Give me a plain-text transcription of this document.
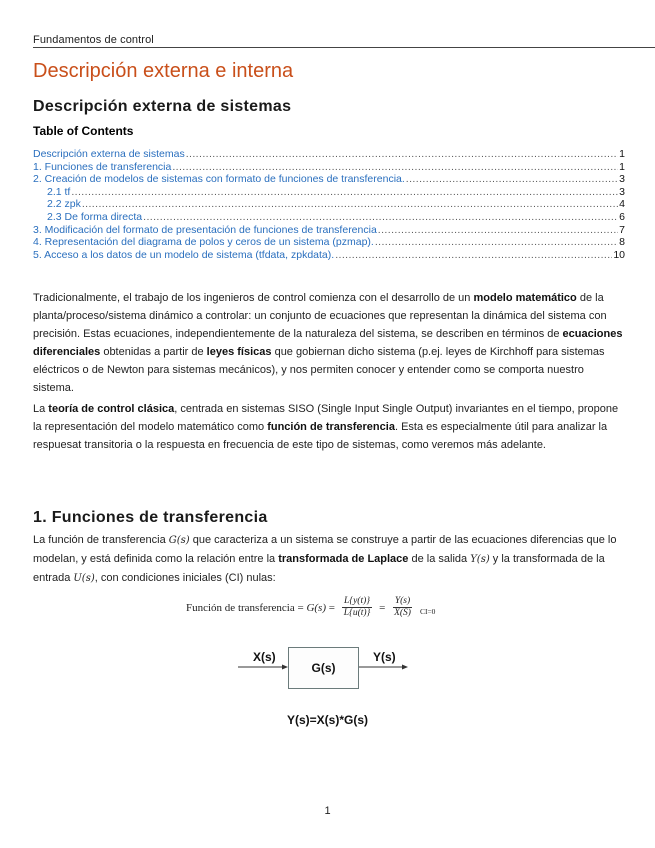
Fundamentos de control
Descripción externa e interna
Descripción externa de sistemas
Table of Contents
Descripción externa de sistemas .....	1
1. Funciones de transferencia .....	1
2. Creación de modelos de sistemas con formato de funciones de transferencia. .....	3
2.1 tf .....	3
2.2 zpk .....	4
2.3 De forma directa .....	6
3. Modificación del formato de presentación de funciones de transferencia .....	7
4. Representación del diagrama de polos y ceros de un sistema (pzmap). .....	8
5. Acceso a los datos de un modelo de sistema (tfdata, zpkdata). .....	10

Tradicionalmente, el trabajo de los ingenieros de control comienza con el desarrollo de un modelo matemático de la planta/proceso/sistema dinámico a controlar: un conjunto de ecuaciones que representan la dinámica del sistema con precisión. Estas ecuaciones, independientemente de la naturaleza del sistema, se describen en términos de ecuaciones diferenciales obtenidas a partir de leyes físicas que gobiernan dicho sistema (p.ej. leyes de Kirchhoff para sistemas eléctricos o de Newton para sistemas mecánicos), y nos permiten conocer y entender como se comporta nuestro sistema.

La teoría de control clásica, centrada en sistemas SISO (Single Input Single Output) invariantes en el tiempo, propone la representación del modelo matemático como función de transferencia. Esta es especialmente útil para analizar la respuesat transitoria o la respuesta en frecuencia de este tipo de sistemas, como veremos más adelante.

1. Funciones de transferencia

La función de transferencia G(s) que caracteriza a un sistema se construye a partir de las ecuaciones diferencias que lo modelan, y está definida como la relación entre la transformada de Laplace de la salida Y(s) y la transformada de la entrada U(s), con condiciones iniciales (CI) nulas:

Función de transferencia = $G(s) = \frac{L\{y(t)\}}{L\{u(t)\}} = \frac{Y(s)}{X(S)} CI=0$
X(s)
G(s)
Y(s)
Y(s)=X(s)*G(s)
1
